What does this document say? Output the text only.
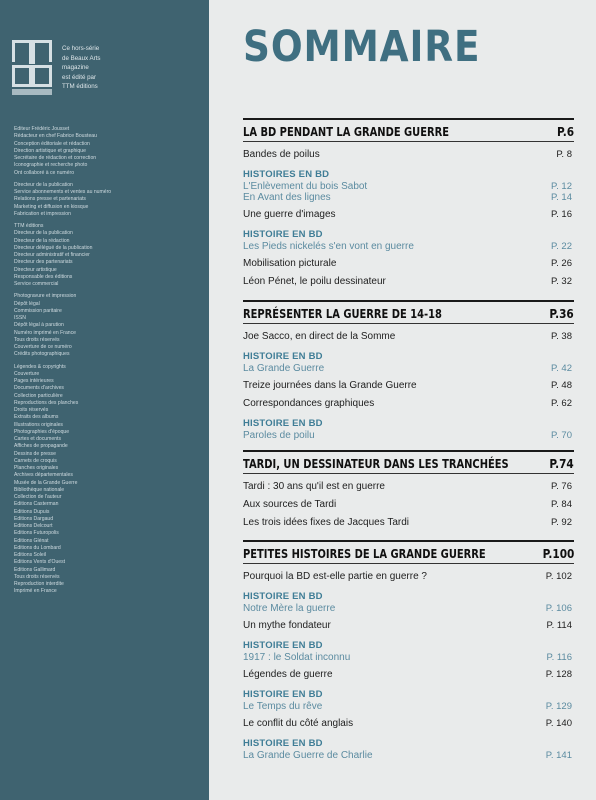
Ce hors-série
de Beaux Arts
magazine
est édité par
TTM éditions
Éditeur Frédéric Jousset
Rédacteur en chef Fabrice Bousteau
Conception éditoriale et rédaction
Direction artistique et graphique
Secrétaire de rédaction et correction
Iconographie et recherche photo
Ont collaboré à ce numéro
Directeur de la publication
Service abonnements et ventes au numéro
Relations presse et partenariats
Marketing et diffusion en kiosque
Fabrication et impression
TTM éditions
Directeur de la publication
Directeur de la rédaction
Directeur délégué de la publication
Directeur administratif et financier
Directeur des partenariats
Directeur artistique
Responsable des éditions
Service commercial
Photogravure et impression
Dépôt légal
Commission paritaire
ISSN
Dépôt légal à parution
Numéro imprimé en France
Tous droits réservés
Couverture de ce numéro
Crédits photographiques
Légendes & copyrights
Couverture
Pages intérieures
Documents d'archives
Collection particulière
Reproductions des planches
Droits réservés
Extraits des albums
Illustrations originales
Photographies d'époque
Cartes et documents
Affiches de propagande
Dessins de presse
Carnets de croquis
Planches originales
Archives départementales
Musée de la Grande Guerre
Bibliothèque nationale
Collection de l'auteur
Éditions Casterman
Éditions Dupuis
Éditions Dargaud
Éditions Delcourt
Éditions Futuropolis
Éditions Glénat
Éditions du Lombard
Éditions Soleil
Éditions Vents d'Ouest
Éditions Gallimard
Tous droits réservés
Reproduction interdite
Imprimé en France
SOMMAIRE
LA BD PENDANT LA GRANDE GUERRE	P.6
Bandes de poilus	P. 8
HISTOIRES EN BD
L'Enlèvement du bois Sabot	P. 12
En Avant des lignes	P. 14
Une guerre d'images	P. 16
HISTOIRE EN BD
Les Pieds nickelés s'en vont en guerre	P. 22
Mobilisation picturale	P. 26
Léon Pénet, le poilu dessinateur	P. 32
REPRÉSENTER LA GUERRE DE 14-18	P.36
Joe Sacco, en direct de la Somme	P. 38
HISTOIRE EN BD
La Grande Guerre	P. 42
Treize journées dans la Grande Guerre	P. 48
Correspondances graphiques	P. 62
HISTOIRE EN BD
Paroles de poilu	P. 70
TARDI, UN DESSINATEUR DANS LES TRANCHÉES	P.74
Tardi : 30 ans qu'il est en guerre	P. 76
Aux sources de Tardi	P. 84
Les trois idées fixes de Jacques Tardi	P. 92
PETITES HISTOIRES DE LA GRANDE GUERRE	P.100
Pourquoi la BD est-elle partie en guerre ?	P. 102
HISTOIRE EN BD
Notre Mère la guerre	P. 106
Un mythe fondateur	P. 114
HISTOIRE EN BD
1917 : le Soldat inconnu	P. 116
Légendes de guerre	P. 128
HISTOIRE EN BD
Le Temps du rêve	P. 129
Le conflit du côté anglais	P. 140
HISTOIRE EN BD
La Grande Guerre de Charlie	P. 141
